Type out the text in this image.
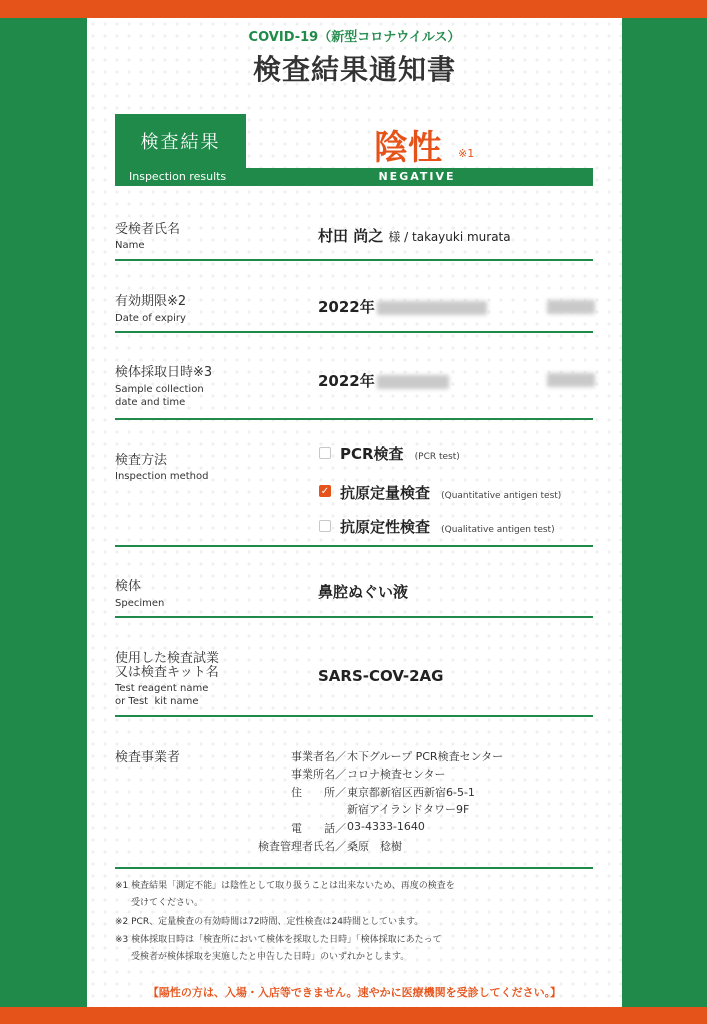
COVID-19（新型コロナウイルス）
検査結果通知書
検査結果
Inspection results
陰性 ※1
NEGATIVE
受検者氏名
Name
村田 尚之 様 / takayuki murata
有効期限※2
Date of expiry
2022年
検体採取日時※3
Sample collection
date and time
2022年
検査方法
Inspection method
PCR検査 (PCR test)
✓ 抗原定量検査 (Quantitative antigen test)
抗原定性検査 (Qualitative antigen test)
検体
Specimen
鼻腔ぬぐい液
使用した検査試業
又は検査キット名
Test reagent name
or Test  kit name
SARS-COV-2AG
検査事業者	事業者名／ 木下グループ PCR検査センター
事業所名／ コロナ検査センター
住　　所／ 東京都新宿区西新宿6-5-1
新宿アイランドタワー9F
電　　話／ 03-4333-1640
検査管理者氏名／ 桑原　稔樹
※1 検査結果「測定不能」は陰性として取り扱うことは出来ないため、再度の検査を
受けてください。
※2 PCR、定量検査の有効時間は72時間、定性検査は24時間としています。
※3 検体採取日時は「検査所において検体を採取した日時」「検体採取にあたって
受検者が検体採取を実施したと申告した日時」のいずれかとします。
【陽性の方は、入場・入店等できません。速やかに医療機関を受診してください。】
